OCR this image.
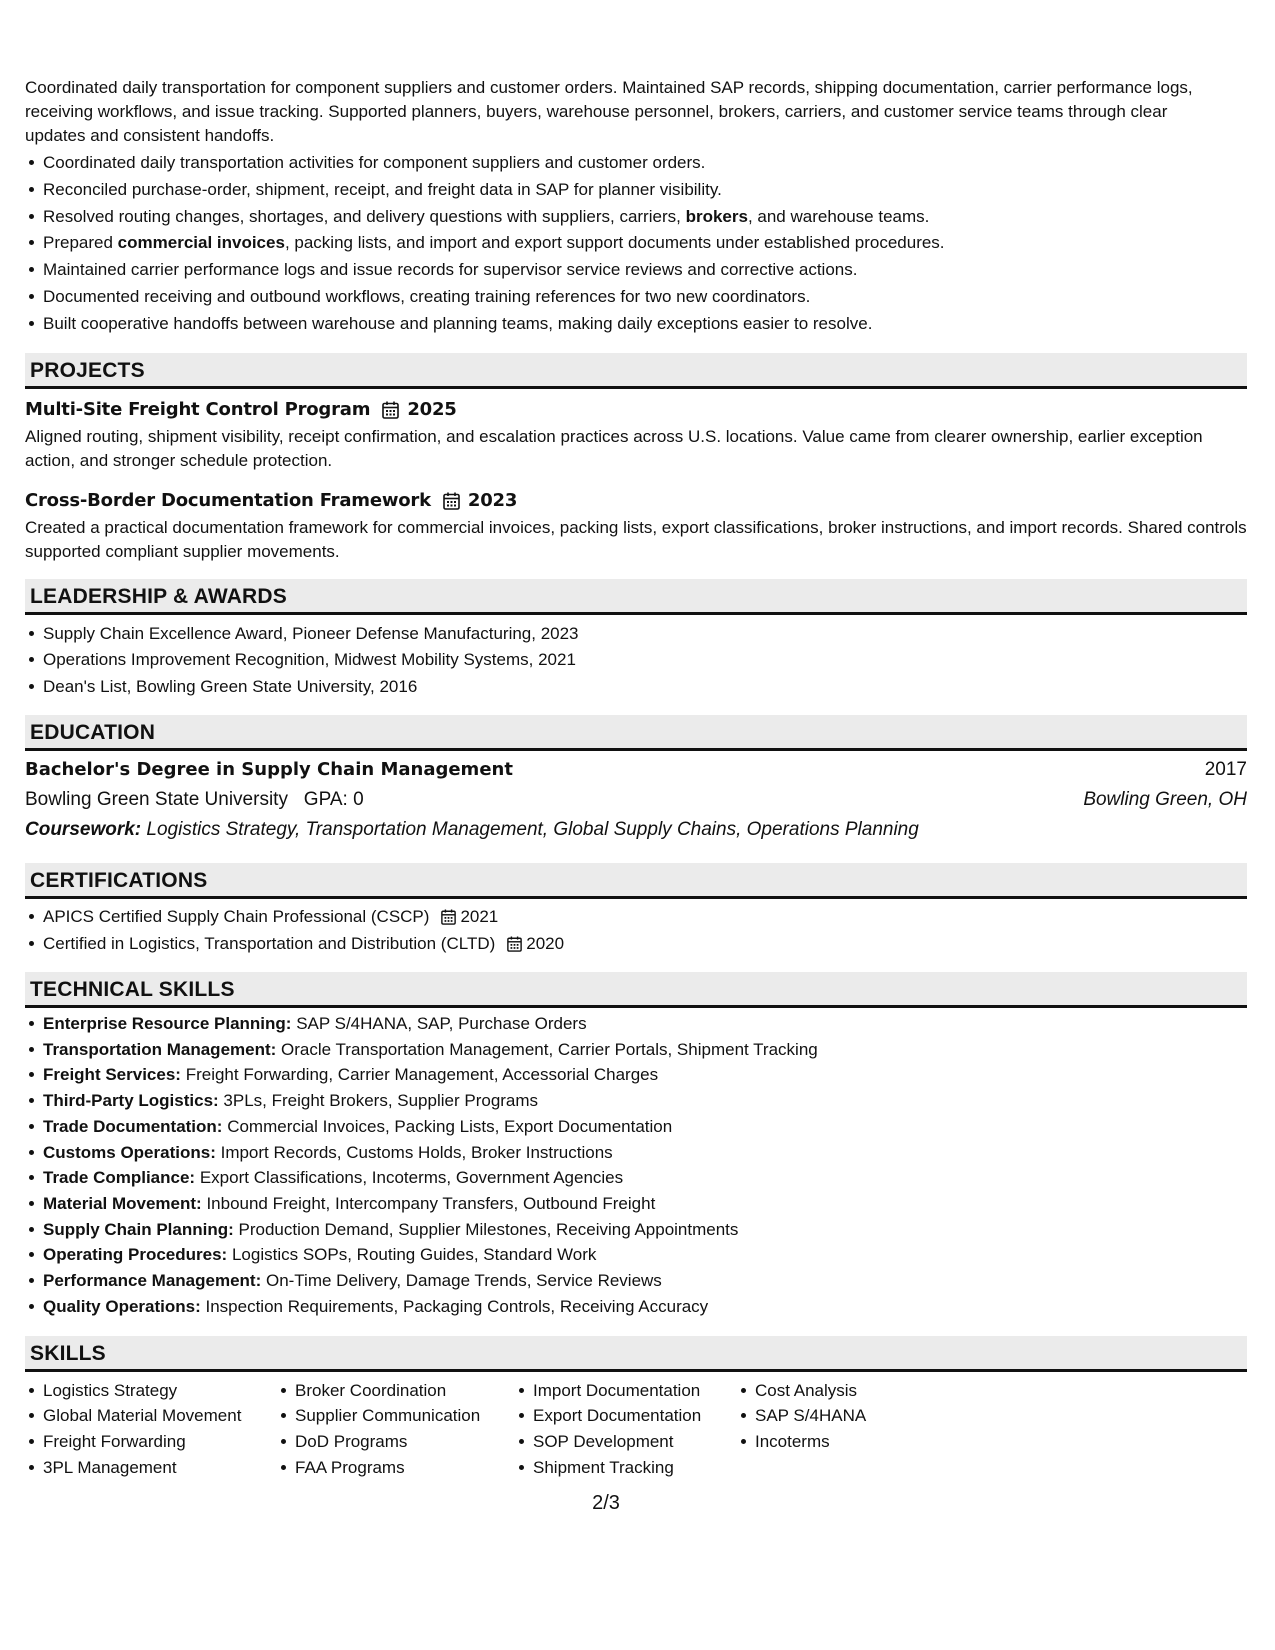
Coordinated daily transportation for component suppliers and customer orders. Maintained SAP records, shipping documentation, carrier performance logs, receiving workflows, and issue tracking. Supported planners, buyers, warehouse personnel, brokers, carriers, and customer service teams through clear updates and consistent handoffs.

Coordinated daily transportation activities for component suppliers and customer orders.
Reconciled purchase-order, shipment, receipt, and freight data in SAP for planner visibility.
Resolved routing changes, shortages, and delivery questions with suppliers, carriers, brokers, and warehouse teams.
Prepared commercial invoices, packing lists, and import and export support documents under established procedures.
Maintained carrier performance logs and issue records for supervisor service reviews and corrective actions.
Documented receiving and outbound workflows, creating training references for two new coordinators.
Built cooperative handoffs between warehouse and planning teams, making daily exceptions easier to resolve.
PROJECTS
Multi-Site Freight Control Program 2025

Aligned routing, shipment visibility, receipt confirmation, and escalation practices across U.S. locations. Value came from clearer ownership, earlier exception action, and stronger schedule protection.

Cross-Border Documentation Framework 2023

Created a practical documentation framework for commercial invoices, packing lists, export classifications, broker instructions, and import records. Shared controls supported compliant supplier movements.

LEADERSHIP & AWARDS
Supply Chain Excellence Award, Pioneer Defense Manufacturing, 2023
Operations Improvement Recognition, Midwest Mobility Systems, 2021
Dean's List, Bowling Green State University, 2016
EDUCATION
Bachelor's Degree in Supply Chain Management	2017
Bowling Green State University GPA: 0	Bowling Green, OH
Coursework: Logistics Strategy, Transportation Management, Global Supply Chains, Operations Planning
CERTIFICATIONS
APICS Certified Supply Chain Professional (CSCP) 2021
Certified in Logistics, Transportation and Distribution (CLTD) 2020
TECHNICAL SKILLS
Enterprise Resource Planning: SAP S/4HANA, SAP, Purchase Orders
Transportation Management: Oracle Transportation Management, Carrier Portals, Shipment Tracking
Freight Services: Freight Forwarding, Carrier Management, Accessorial Charges
Third-Party Logistics: 3PLs, Freight Brokers, Supplier Programs
Trade Documentation: Commercial Invoices, Packing Lists, Export Documentation
Customs Operations: Import Records, Customs Holds, Broker Instructions
Trade Compliance: Export Classifications, Incoterms, Government Agencies
Material Movement: Inbound Freight, Intercompany Transfers, Outbound Freight
Supply Chain Planning: Production Demand, Supplier Milestones, Receiving Appointments
Operating Procedures: Logistics SOPs, Routing Guides, Standard Work
Performance Management: On-Time Delivery, Damage Trends, Service Reviews
Quality Operations: Inspection Requirements, Packaging Controls, Receiving Accuracy
SKILLS
Logistics Strategy
Global Material Movement
Freight Forwarding
3PL Management
Broker Coordination
Supplier Communication
DoD Programs
FAA Programs
Import Documentation
Export Documentation
SOP Development
Shipment Tracking
Cost Analysis
SAP S/4HANA
Incoterms
2/3
